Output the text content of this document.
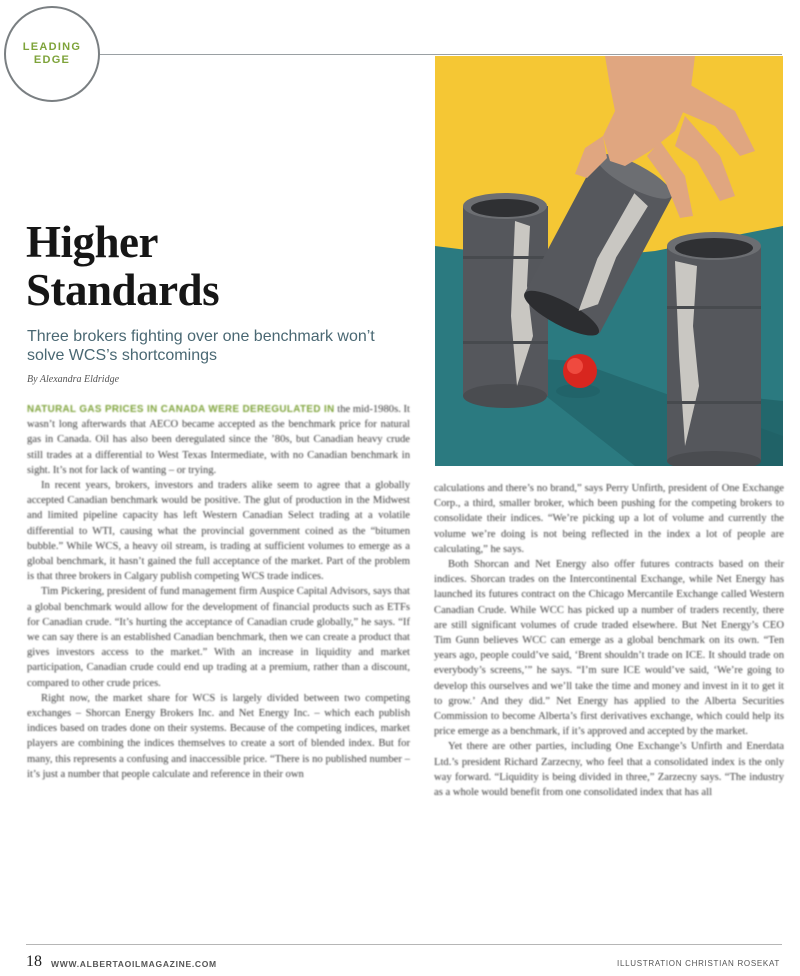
LEADING
EDGE
Higher
Standards

Three brokers fighting over one benchmark won’t solve WCS’s shortcomings

By Alexandra Eldridge

NATURAL GAS PRICES IN CANADA WERE DEREGULATED IN the mid-1980s. It wasn’t long afterwards that AECO became accepted as the benchmark price for natural gas in Canada. Oil has also been deregulated since the ’80s, but Canadian heavy crude still trades at a differential to West Texas Intermediate, with no Canadian benchmark in sight. It’s not for lack of wanting – or trying.

In recent years, brokers, investors and traders alike seem to agree that a globally accepted Canadian benchmark would be positive. The glut of production in the Midwest and limited pipeline capacity has left Western Canadian Select trading at a volatile differential to WTI, causing what the provincial government coined as the “bitumen bubble.” While WCS, a heavy oil stream, is trading at sufficient volumes to emerge as a global benchmark, it hasn’t gained the full acceptance of the market. Part of the problem is that three brokers in Calgary publish competing WCS trade indices.

Tim Pickering, president of fund management firm Auspice Capital Advisors, says that a global benchmark would allow for the development of financial products such as ETFs for Canadian crude. “It’s hurting the acceptance of Canadian crude globally,” he says. “If we can say there is an established Canadian benchmark, then we can create a product that gives investors access to the market.” With an increase in liquidity and market participation, Canadian crude could end up trading at a premium, rather than a discount, compared to other crude prices.

Right now, the market share for WCS is largely divided between two competing exchanges – Shorcan Energy Brokers Inc. and Net Energy Inc. – which each publish indices based on trades done on their systems. Because of the competing indices, market players are combining the indices themselves to create a sort of blended index. But for many, this represents a confusing and inaccessible price. “There is no published number – it’s just a number that people calculate and reference in their own

calculations and there’s no brand,” says Perry Unfirth, president of One Exchange Corp., a third, smaller broker, which been pushing for the competing brokers to consolidate their indices. “We’re picking up a lot of volume and currently the volume we’re doing is not being reflected in the index a lot of people are calculating,” he says.

Both Shorcan and Net Energy also offer futures contracts based on their indices. Shorcan trades on the Intercontinental Exchange, while Net Energy has launched its futures contract on the Chicago Mercantile Exchange called Western Canadian Crude. While WCC has picked up a number of traders recently, there are still significant volumes of crude traded elsewhere. But Net Energy’s CEO Tim Gunn believes WCC can emerge as a global benchmark on its own. “Ten years ago, people could’ve said, ‘Brent shouldn’t trade on ICE. It should trade on everybody’s screens,’” he says. “I’m sure ICE would’ve said, ‘We’re going to develop this ourselves and we’ll take the time and money and invest in it to get it to grow.’ And they did.” Net Energy has applied to the Alberta Securities Commission to become Alberta’s first derivatives exchange, which could help its price emerge as a benchmark, if it’s approved and accepted by the market.

Yet there are other parties, including One Exchange’s Unfirth and Enerdata Ltd.’s president Richard Zarzecny, who feel that a consolidated index is the only way forward. “Liquidity is being divided in three,” Zarzecny says. “The industry as a whole would benefit from one consolidated index that has all

18 WWW.ALBERTAOILMAGAZINE.COM	ILLUSTRATION CHRISTIAN ROSEKAT
